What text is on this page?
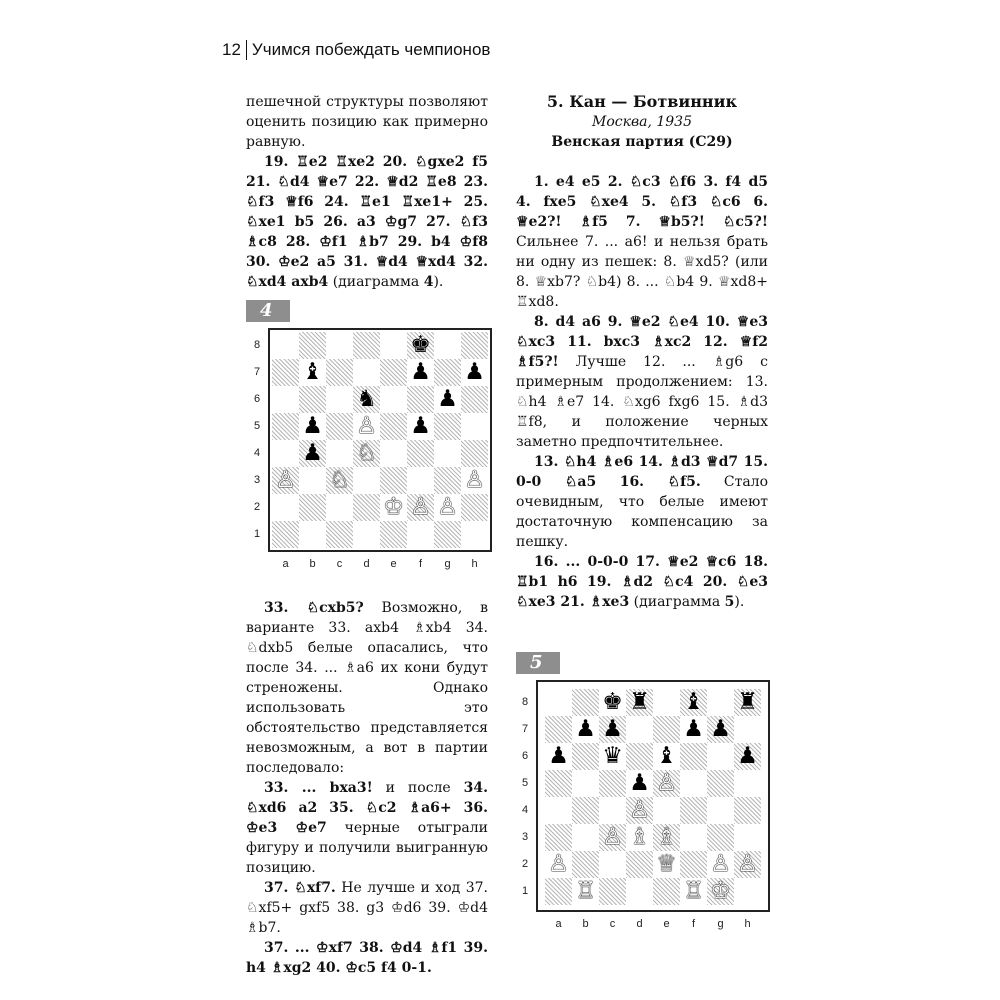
12 Учимся побеждать чемпионов

пешечной структуры позволяют оценить позицию как примерно равную.

19. ♖e2 ♖xe2 20. ♘gxe2 f5 21. ♘d4 ♕e7 22. ♕d2 ♖e8 23. ♘f3 ♕f6 24. ♖e1 ♖xe1+ 25. ♘xe1 b5 26. a3 ♔g7 27. ♘f3 ♗c8 28. ♔f1 ♗b7 29. b4 ♔f8 30. ♔e2 a5 31. ♕d4 ♕xd4 32. ♘xd4 axb4 (диаграмма 4).

4
♚
♝	♟ ♟
♞	♟
♟ ♙ ♟
♟ ♘
♙ ♘	♙
♔ ♙ ♙

33. ♘cxb5? Возможно, в варианте 33. axb4 ♗xb4 34. ♘dxb5 белые опасались, что после 34. ... ♗a6 их кони будут стреножены. Однако использовать это обстоятельство представляется невозможным, а вот в партии последовало:

33. ... bxa3! и после 34. ♘xd6 a2 35. ♘c2 ♗a6+ 36. ♔e3 ♔e7 черные отыграли фигуру и получили выигранную позицию.

37. ♘xf7. Не лучше и ход 37. ♘xf5+ gxf5 38. g3 ♔d6 39. ♔d4 ♗b7.

37. ... ♔xf7 38. ♔d4 ♗f1 39. h4 ♗xg2 40. ♔c5 f4 0-1.

5. Кан — Ботвинник
Москва, 1935
Венская партия (С29)

1. e4 e5 2. ♘c3 ♘f6 3. f4 d5 4. fxe5 ♘xe4 5. ♘f3 ♘c6 6. ♕e2?! ♗f5 7. ♕b5?! ♘c5?! Сильнее 7. ... a6! и нельзя брать ни одну из пешек: 8. ♕xd5? (или 8. ♕xb7? ♘b4) 8. ... ♘b4 9. ♕xd8+ ♖xd8.

8. d4 a6 9. ♕e2 ♘e4 10. ♕e3 ♘xc3 11. bxc3 ♗xc2 12. ♕f2 ♗f5?! Лучше 12. ... ♗g6 с примерным продолжением: 13. ♘h4 ♗e7 14. ♘xg6 fxg6 15. ♗d3 ♖f8, и положение черных заметно предпочтительнее.

13. ♘h4 ♗e6 14. ♗d3 ♕d7 15. 0-0 ♘a5 16. ♘f5. Стало очевидным, что белые имеют достаточную компенсацию за пешку.

16. ... 0-0-0 17. ♕e2 ♕c6 18. ♖b1 h6 19. ♗d2 ♘c4 20. ♘e3 ♘xe3 21. ♗xe3 (диаграмма 5).

5
♚ ♜ ♝ ♜
♟ ♟	♟ ♟
♟ ♛ ♝	♟
♟ ♙
♙
♙ ♗ ♗
♙	♕ ♙ ♙
♖	♖ ♔
8
7
6
5
4
3
2
1
a	b	c	d	e	f	g	h
8
7
6
5
4
3
2
1
a	b	c	d	e	f	g	h
